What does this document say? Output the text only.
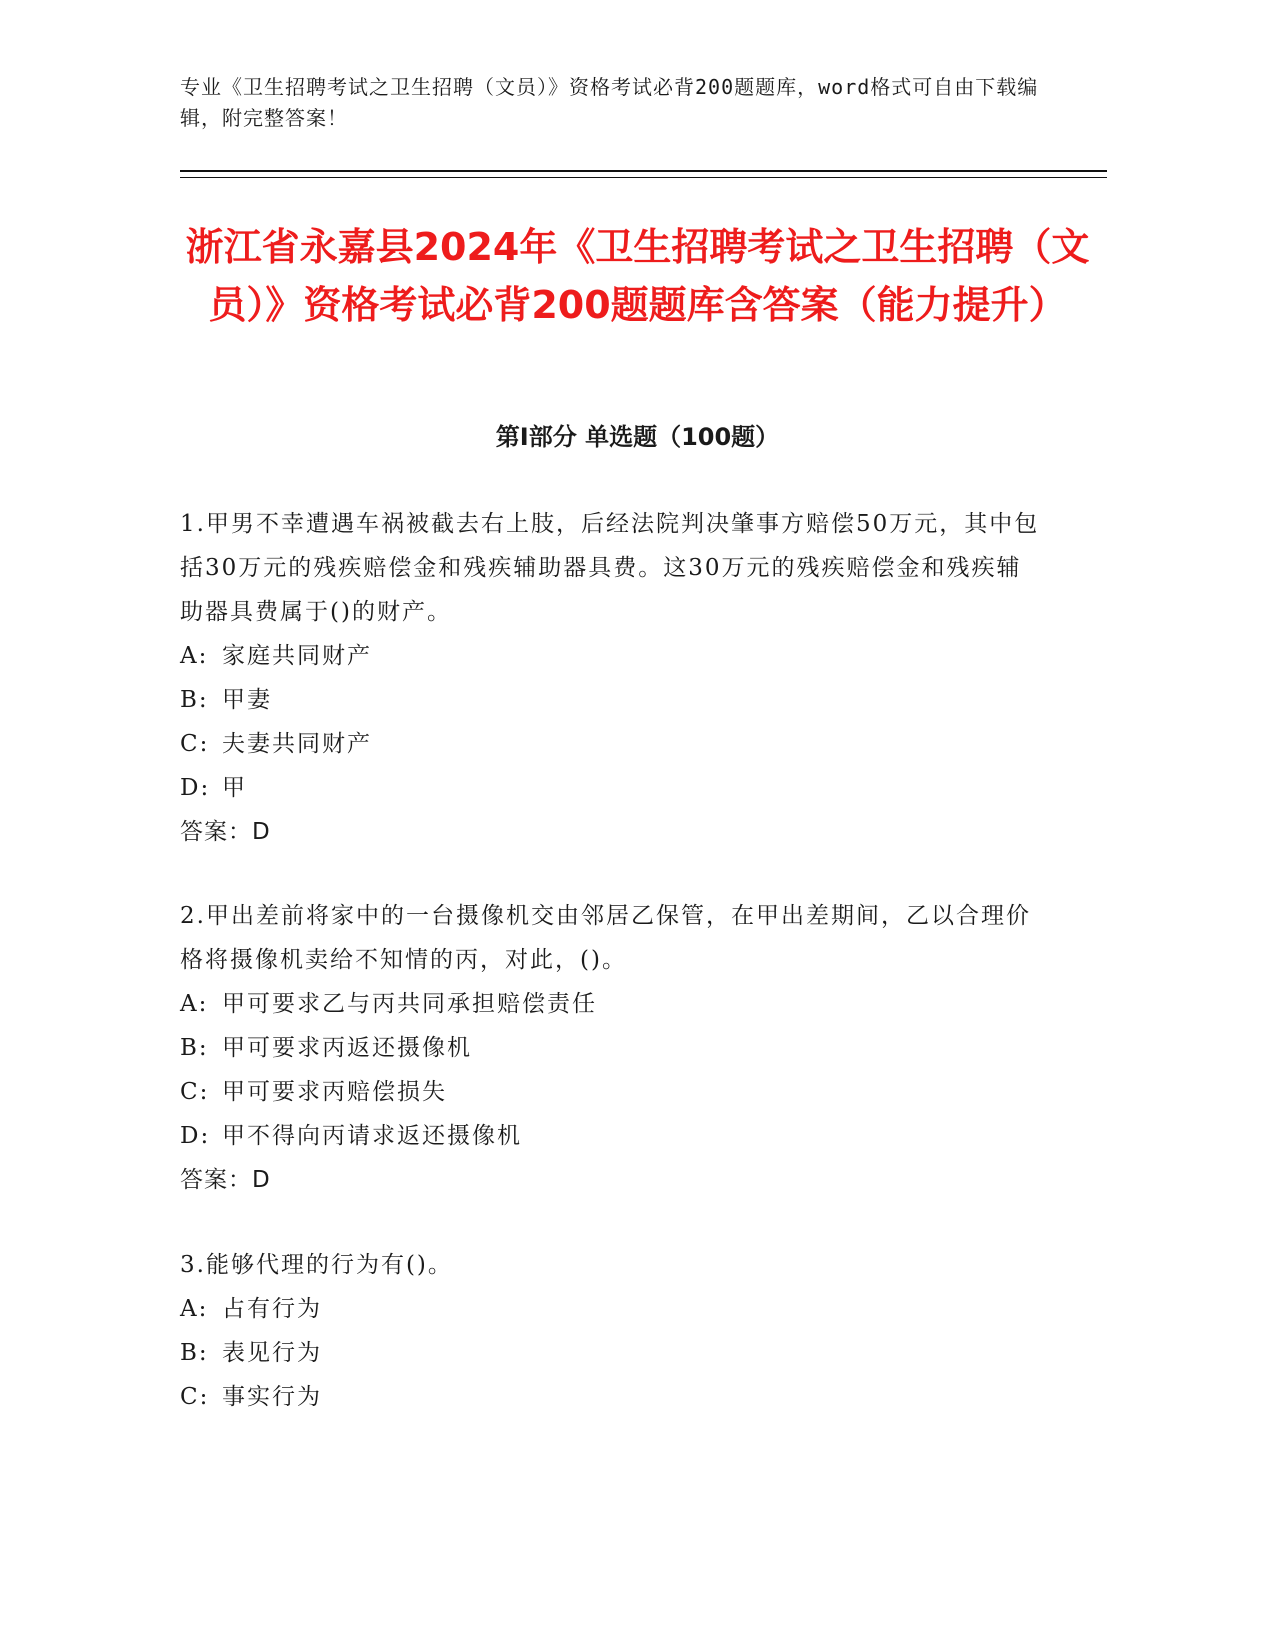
专业《卫生招聘考试之卫生招聘（文员）》资格考试必背200题题库，word格式可自由下载编辑，附完整答案！
浙江省永嘉县2024年《卫生招聘考试之卫生招聘（文员）》资格考试必背200题题库含答案（能力提升）
第Ⅰ部分 单选题（100题）

1.甲男不幸遭遇车祸被截去右上肢，后经法院判决肇事方赔偿50万元，其中包括30万元的残疾赔偿金和残疾辅助器具费。这30万元的残疾赔偿金和残疾辅助器具费属于()的财产。

A: 家庭共同财产

B: 甲妻

C: 夫妻共同财产

D: 甲

答案：D

2.甲出差前将家中的一台摄像机交由邻居乙保管，在甲出差期间，乙以合理价格将摄像机卖给不知情的丙，对此，()。

A: 甲可要求乙与丙共同承担赔偿责任

B: 甲可要求丙返还摄像机

C: 甲可要求丙赔偿损失

D: 甲不得向丙请求返还摄像机

答案：D

3.能够代理的行为有()。

A: 占有行为

B: 表见行为

C: 事实行为
